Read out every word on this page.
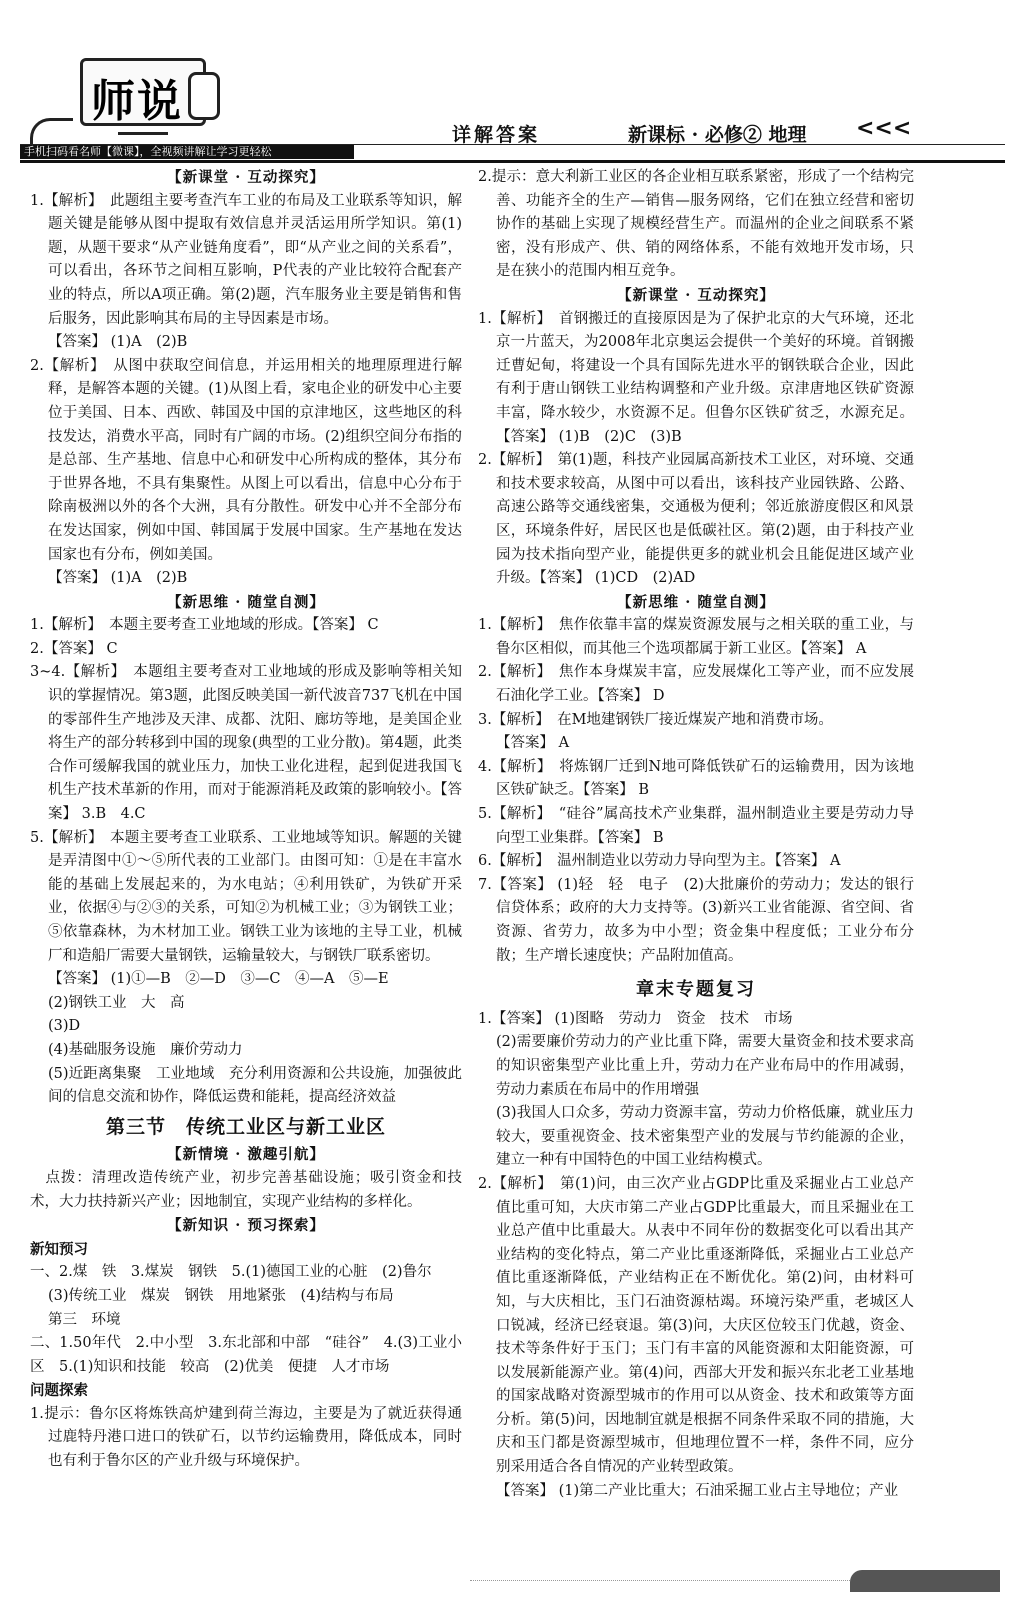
师说
手机扫码看名师【微课】，全视频讲解让学习更轻松
详解答案	新课标 · 必修② 地理 <<<

【新课堂 · 互动探究】

1.【解析】　此题组主要考查汽车工业的布局及工业联系等知识，解题关键是能够从图中提取有效信息并灵活运用所学知识。第(1)题，从题干要求“从产业链角度看”，即“从产业之间的关系看”，可以看出，各环节之间相互影响，P代表的产业比较符合配套产业的特点，所以A项正确。第(2)题，汽车服务业主要是销售和售后服务，因此影响其布局的主导因素是市场。

【答案】 (1)A　(2)B

2.【解析】　从图中获取空间信息，并运用相关的地理原理进行解释，是解答本题的关键。(1)从图上看，家电企业的研发中心主要位于美国、日本、西欧、韩国及中国的京津地区，这些地区的科技发达，消费水平高，同时有广阔的市场。(2)组织空间分布指的是总部、生产基地、信息中心和研发中心所构成的整体，其分布于世界各地，不具有集聚性。从图上可以看出，信息中心分布于除南极洲以外的各个大洲，具有分散性。研发中心并不全部分布在发达国家，例如中国、韩国属于发展中国家。生产基地在发达国家也有分布，例如美国。

【答案】 (1)A　(2)B

【新思维 · 随堂自测】

1.【解析】　本题主要考查工业地域的形成。【答案】 C

2.【答案】 C

3~4.【解析】　本题组主要考查对工业地域的形成及影响等相关知识的掌握情况。第3题，此图反映美国一新代波音737飞机在中国的零部件生产地涉及天津、成都、沈阳、廊坊等地，是美国企业将生产的部分转移到中国的现象(典型的工业分散)。第4题，此类合作可缓解我国的就业压力，加快工业化进程，起到促进我国飞机生产技术革新的作用，而对于能源消耗及政策的影响较小。【答案】 3.B　4.C

5.【解析】　本题主要考查工业联系、工业地域等知识。解题的关键是弄清图中①～⑤所代表的工业部门。由图可知：①是在丰富水能的基础上发展起来的，为水电站；④利用铁矿，为铁矿开采业，依据④与②③的关系，可知②为机械工业；③为钢铁工业；⑤依靠森林，为木材加工业。钢铁工业为该地的主导工业，机械厂和造船厂需要大量钢铁，运输量较大，与钢铁厂联系密切。

【答案】 (1)①—B　②—D　③—C　④—A　⑤—E

(2)钢铁工业　大　高

(3)D

(4)基础服务设施　廉价劳动力

(5)近距离集聚　工业地域　充分利用资源和公共设施，加强彼此间的信息交流和协作，降低运费和能耗，提高经济效益

第三节　传统工业区与新工业区

【新情境 · 激趣引航】

　点拨：清理改造传统产业，初步完善基础设施；吸引资金和技术，大力扶持新兴产业；因地制宜，实现产业结构的多样化。

【新知识 · 预习探索】

新知预习

一、2.煤　铁　3.煤炭　钢铁　5.(1)德国工业的心脏　(2)鲁尔

(3)传统工业　煤炭　钢铁　用地紧张　(4)结构与布局

第三　环境

二、1.50年代　2.中小型　3.东北部和中部　“硅谷”　4.(3)工业小区　5.(1)知识和技能　较高　(2)优美　便捷　人才市场

问题探索

1.提示：鲁尔区将炼铁高炉建到荷兰海边，主要是为了就近获得通过鹿特丹港口进口的铁矿石，以节约运输费用，降低成本，同时也有利于鲁尔区的产业升级与环境保护。

2.提示：意大利新工业区的各企业相互联系紧密，形成了一个结构完善、功能齐全的生产—销售—服务网络，它们在独立经营和密切协作的基础上实现了规模经营生产。而温州的企业之间联系不紧密，没有形成产、供、销的网络体系，不能有效地开发市场，只是在狭小的范围内相互竞争。

【新课堂 · 互动探究】

1.【解析】　首钢搬迁的直接原因是为了保护北京的大气环境，还北京一片蓝天，为2008年北京奥运会提供一个美好的环境。首钢搬迁曹妃甸，将建设一个具有国际先进水平的钢铁联合企业，因此有利于唐山钢铁工业结构调整和产业升级。京津唐地区铁矿资源丰富，降水较少，水资源不足。但鲁尔区铁矿贫乏，水源充足。【答案】 (1)B　(2)C　(3)B

2.【解析】　第(1)题，科技产业园属高新技术工业区，对环境、交通和技术要求较高，从图中可以看出，该科技产业园铁路、公路、高速公路等交通线密集，交通极为便利；邻近旅游度假区和风景区，环境条件好，居民区也是低碳社区。第(2)题，由于科技产业园为技术指向型产业，能提供更多的就业机会且能促进区域产业升级。【答案】 (1)CD　(2)AD

【新思维 · 随堂自测】

1.【解析】　焦作依靠丰富的煤炭资源发展与之相关联的重工业，与鲁尔区相似，而其他三个选项都属于新工业区。【答案】 A

2.【解析】　焦作本身煤炭丰富，应发展煤化工等产业，而不应发展石油化学工业。【答案】 D

3.【解析】　在M地建钢铁厂接近煤炭产地和消费市场。

【答案】 A

4.【解析】　将炼钢厂迁到N地可降低铁矿石的运输费用，因为该地区铁矿缺乏。【答案】 B

5.【解析】　“硅谷”属高技术产业集群，温州制造业主要是劳动力导向型工业集群。【答案】 B

6.【解析】　温州制造业以劳动力导向型为主。【答案】 A

7.【答案】 (1)轻　轻　电子　(2)大批廉价的劳动力；发达的银行信贷体系；政府的大力支持等。(3)新兴工业省能源、省空间、省资源、省劳力，故多为中小型；资金集中程度低；工业分布分散；生产增长速度快；产品附加值高。

章末专题复习

1.【答案】 (1)图略　劳动力　资金　技术　市场

(2)需要廉价劳动力的产业比重下降，需要大量资金和技术要求高的知识密集型产业比重上升，劳动力在产业布局中的作用减弱，劳动力素质在布局中的作用增强

(3)我国人口众多，劳动力资源丰富，劳动力价格低廉，就业压力较大，要重视资金、技术密集型产业的发展与节约能源的企业，建立一种有中国特色的中国工业结构模式。

2.【解析】　第(1)问，由三次产业占GDP比重及采掘业占工业总产值比重可知，大庆市第二产业占GDP比重最大，而且采掘业在工业总产值中比重最大。从表中不同年份的数据变化可以看出其产业结构的变化特点，第二产业比重逐渐降低，采掘业占工业总产值比重逐渐降低，产业结构正在不断优化。第(2)问，由材料可知，与大庆相比，玉门石油资源枯竭。环境污染严重，老城区人口锐减，经济已经衰退。第(3)问，大庆区位较玉门优越，资金、技术等条件好于玉门；玉门有丰富的风能资源和太阳能资源，可以发展新能源产业。第(4)问，西部大开发和振兴东北老工业基地的国家战略对资源型城市的作用可以从资金、技术和政策等方面分析。第(5)问，因地制宜就是根据不同条件采取不同的措施，大庆和玉门都是资源型城市，但地理位置不一样，条件不同，应分别采用适合各自情况的产业转型政策。

【答案】 (1)第二产业比重大；石油采掘工业占主导地位；产业
